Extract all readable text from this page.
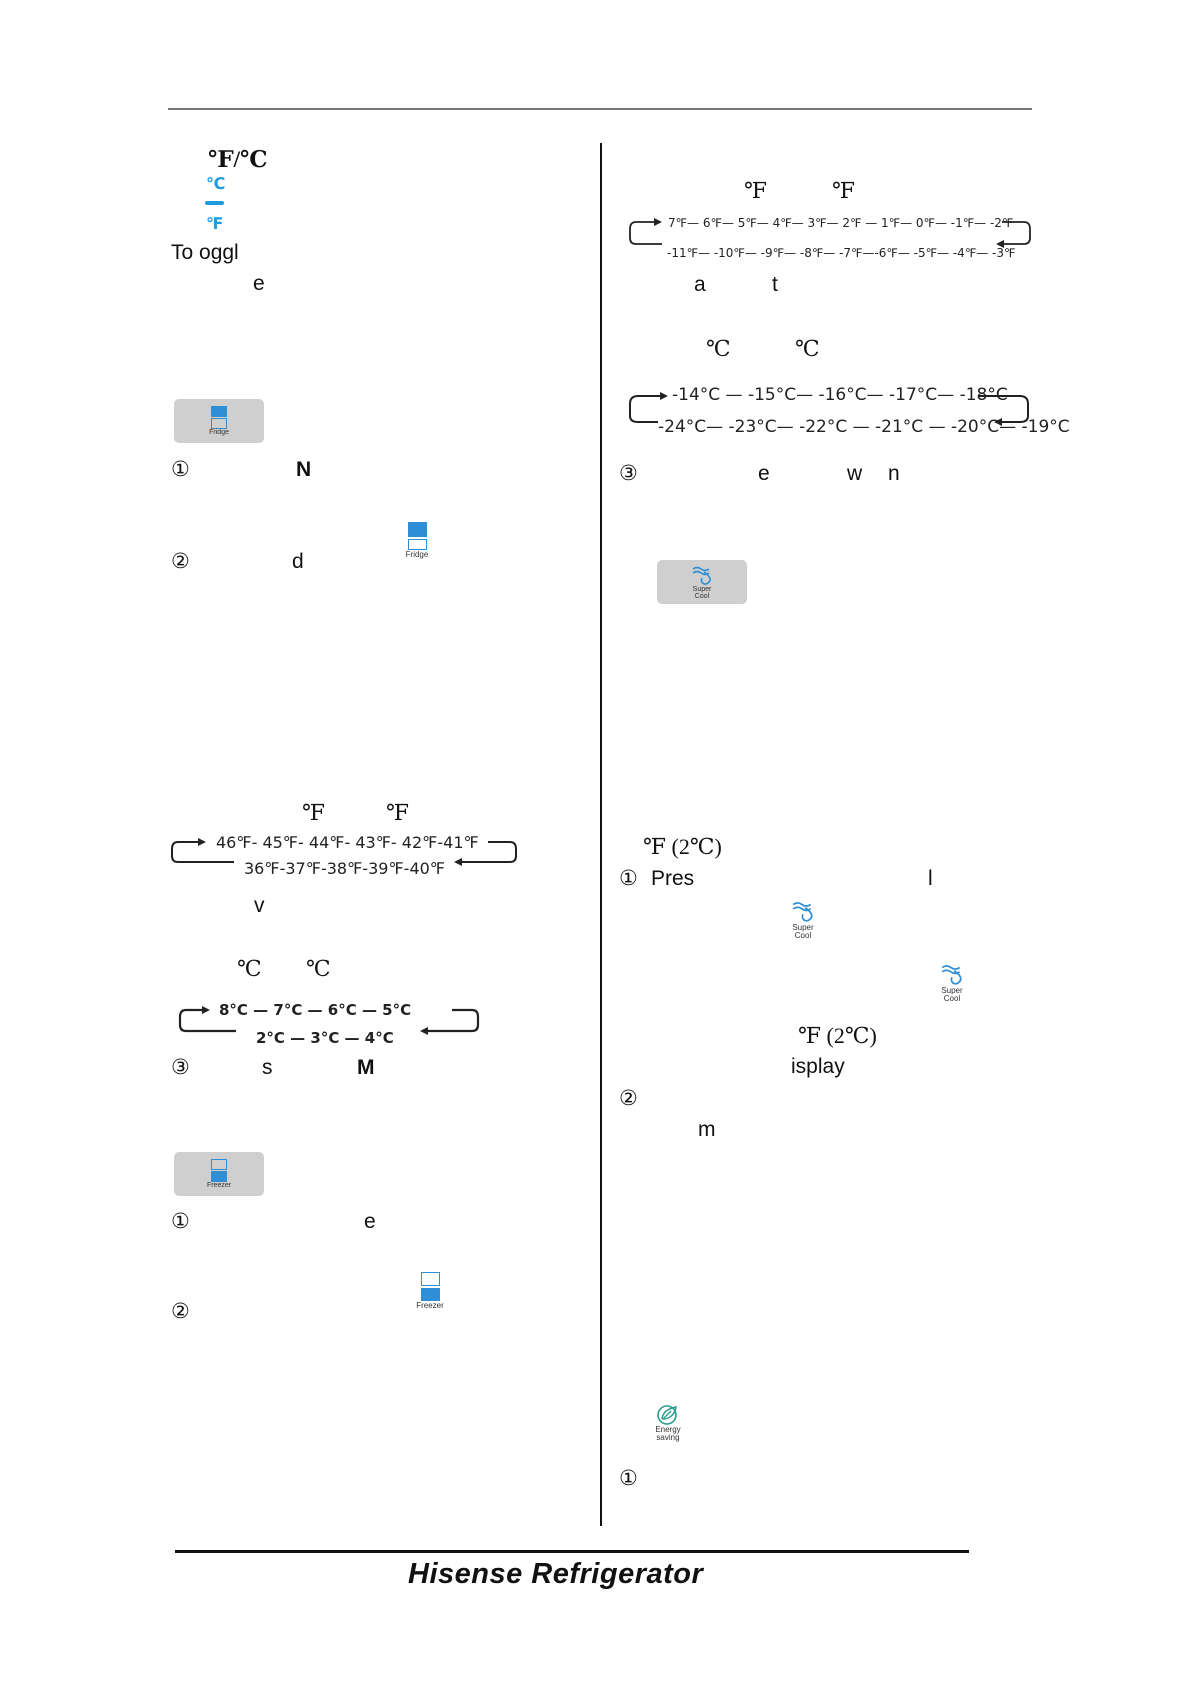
℉/℃
℃
℉
To oggl
e
Fridge
①	N
Fridge
②	d
℉	℉
46℉- 45℉- 44℉- 43℉- 42℉-41℉
36℉-37℉-38℉-39℉-40℉
v
℃ ℃
8°C — 7°C — 6°C — 5°C
2°C — 3°C — 4°C
③	s	M
Freezer
①	e
Freezer
②
℉	℉
7℉— 6℉— 5℉— 4℉— 3℉— 2℉ — 1℉— 0℉— -1℉— -2℉
-11℉— -10℉— -9℉— -8℉— -7℉—-6℉— -5℉— -4℉— -3℉
a	t
℃	℃
-14°C — -15°C— -16°C— -17°C— -18°C
-24°C— -23°C— -22°C — -21°C — -20°C— -19°C
③	e	w n
Super
Cool
℉ (2℃)
① Pres	l
Super
Cool
Super
Cool
℉ (2℃)
isplay
②
m
Energy
saving
①
Hisense Refrigerator
